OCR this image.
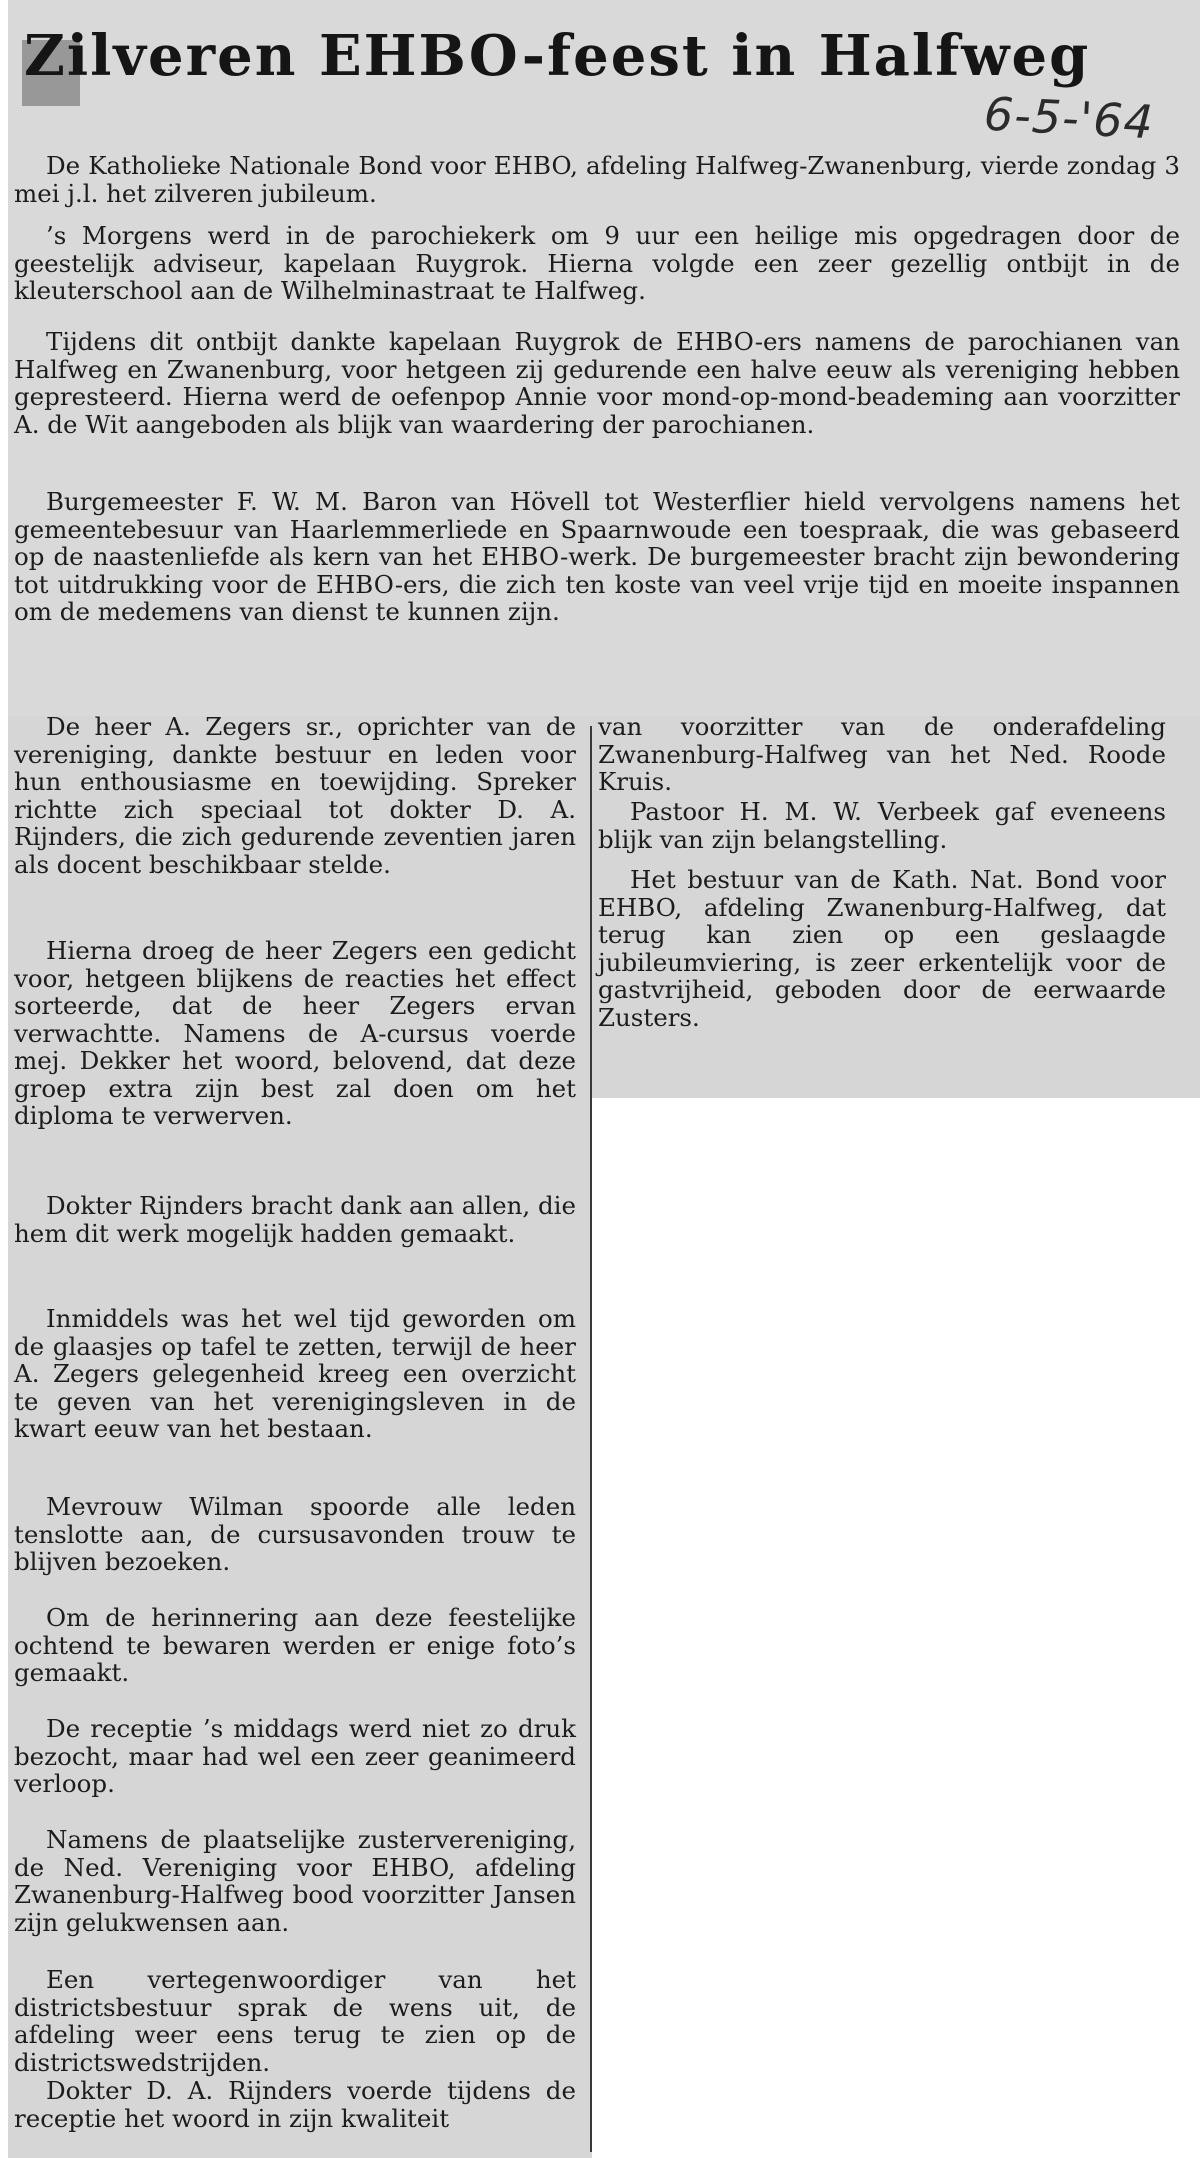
Zilveren EHBO-feest in Halfweg
6-5-'64

De Katholieke Nationale Bond voor EHBO, afdeling Halfweg-Zwanenburg, vierde zondag 3 mei j.l. het zilveren jubileum.

’s Morgens werd in de parochiekerk om 9 uur een heilige mis opgedragen door de geestelijk adviseur, kapelaan Ruygrok. Hierna volgde een zeer gezellig ontbijt in de kleuterschool aan de Wilhelminastraat te Halfweg.

Tijdens dit ontbijt dankte kapelaan Ruygrok de EHBO-ers namens de parochianen van Halfweg en Zwanenburg, voor hetgeen zij gedurende een halve eeuw als vereniging hebben gepresteerd. Hierna werd de oefenpop Annie voor mond-op-mond-beademing aan voorzitter A. de Wit aangeboden als blijk van waardering der parochianen.

Burgemeester F. W. M. Baron van Hövell tot Westerflier hield vervolgens namens het gemeentebesuur van Haarlemmerliede en Spaarnwoude een toespraak, die was gebaseerd op de naastenliefde als kern van het EHBO-werk. De burgemeester bracht zijn bewondering tot uitdrukking voor de EHBO-ers, die zich ten koste van veel vrije tijd en moeite inspannen om de medemens van dienst te kunnen zijn.

De heer A. Zegers sr., oprichter van de vereniging, dankte bestuur en leden voor hun enthousiasme en toewijding. Spreker richtte zich speciaal tot dokter D. A. Rijnders, die zich gedurende zeventien jaren als docent beschikbaar stelde.

Hierna droeg de heer Zegers een gedicht voor, hetgeen blijkens de reacties het effect sorteerde, dat de heer Zegers ervan verwachtte. Namens de A-cursus voerde mej. Dekker het woord, belovend, dat deze groep extra zijn best zal doen om het diploma te verwerven.

Dokter Rijnders bracht dank aan allen, die hem dit werk mogelijk hadden gemaakt.

Inmiddels was het wel tijd geworden om de glaasjes op tafel te zetten, terwijl de heer A. Zegers gelegenheid kreeg een overzicht te geven van het verenigingsleven in de kwart eeuw van het bestaan.

Mevrouw Wilman spoorde alle leden tenslotte aan, de cursusavonden trouw te blijven bezoeken.

Om de herinnering aan deze feestelijke ochtend te bewaren werden er enige foto’s gemaakt.

De receptie ’s middags werd niet zo druk bezocht, maar had wel een zeer geanimeerd verloop.

Namens de plaatselijke zustervereniging, de Ned. Vereniging voor EHBO, afdeling Zwanenburg-Halfweg bood voorzitter Jansen zijn gelukwensen aan.

Een vertegenwoordiger van het districtsbestuur sprak de wens uit, de afdeling weer eens terug te zien op de districtswedstrijden.

Dokter D. A. Rijnders voerde tijdens de receptie het woord in zijn kwaliteit

van voorzitter van de onderafdeling Zwanenburg-Halfweg van het Ned. Roode Kruis.

Pastoor H. M. W. Verbeek gaf eveneens blijk van zijn belangstelling.

Het bestuur van de Kath. Nat. Bond voor EHBO, afdeling Zwanenburg-Halfweg, dat terug kan zien op een geslaagde jubileumviering, is zeer erkentelijk voor de gastvrijheid, geboden door de eerwaarde Zusters.
